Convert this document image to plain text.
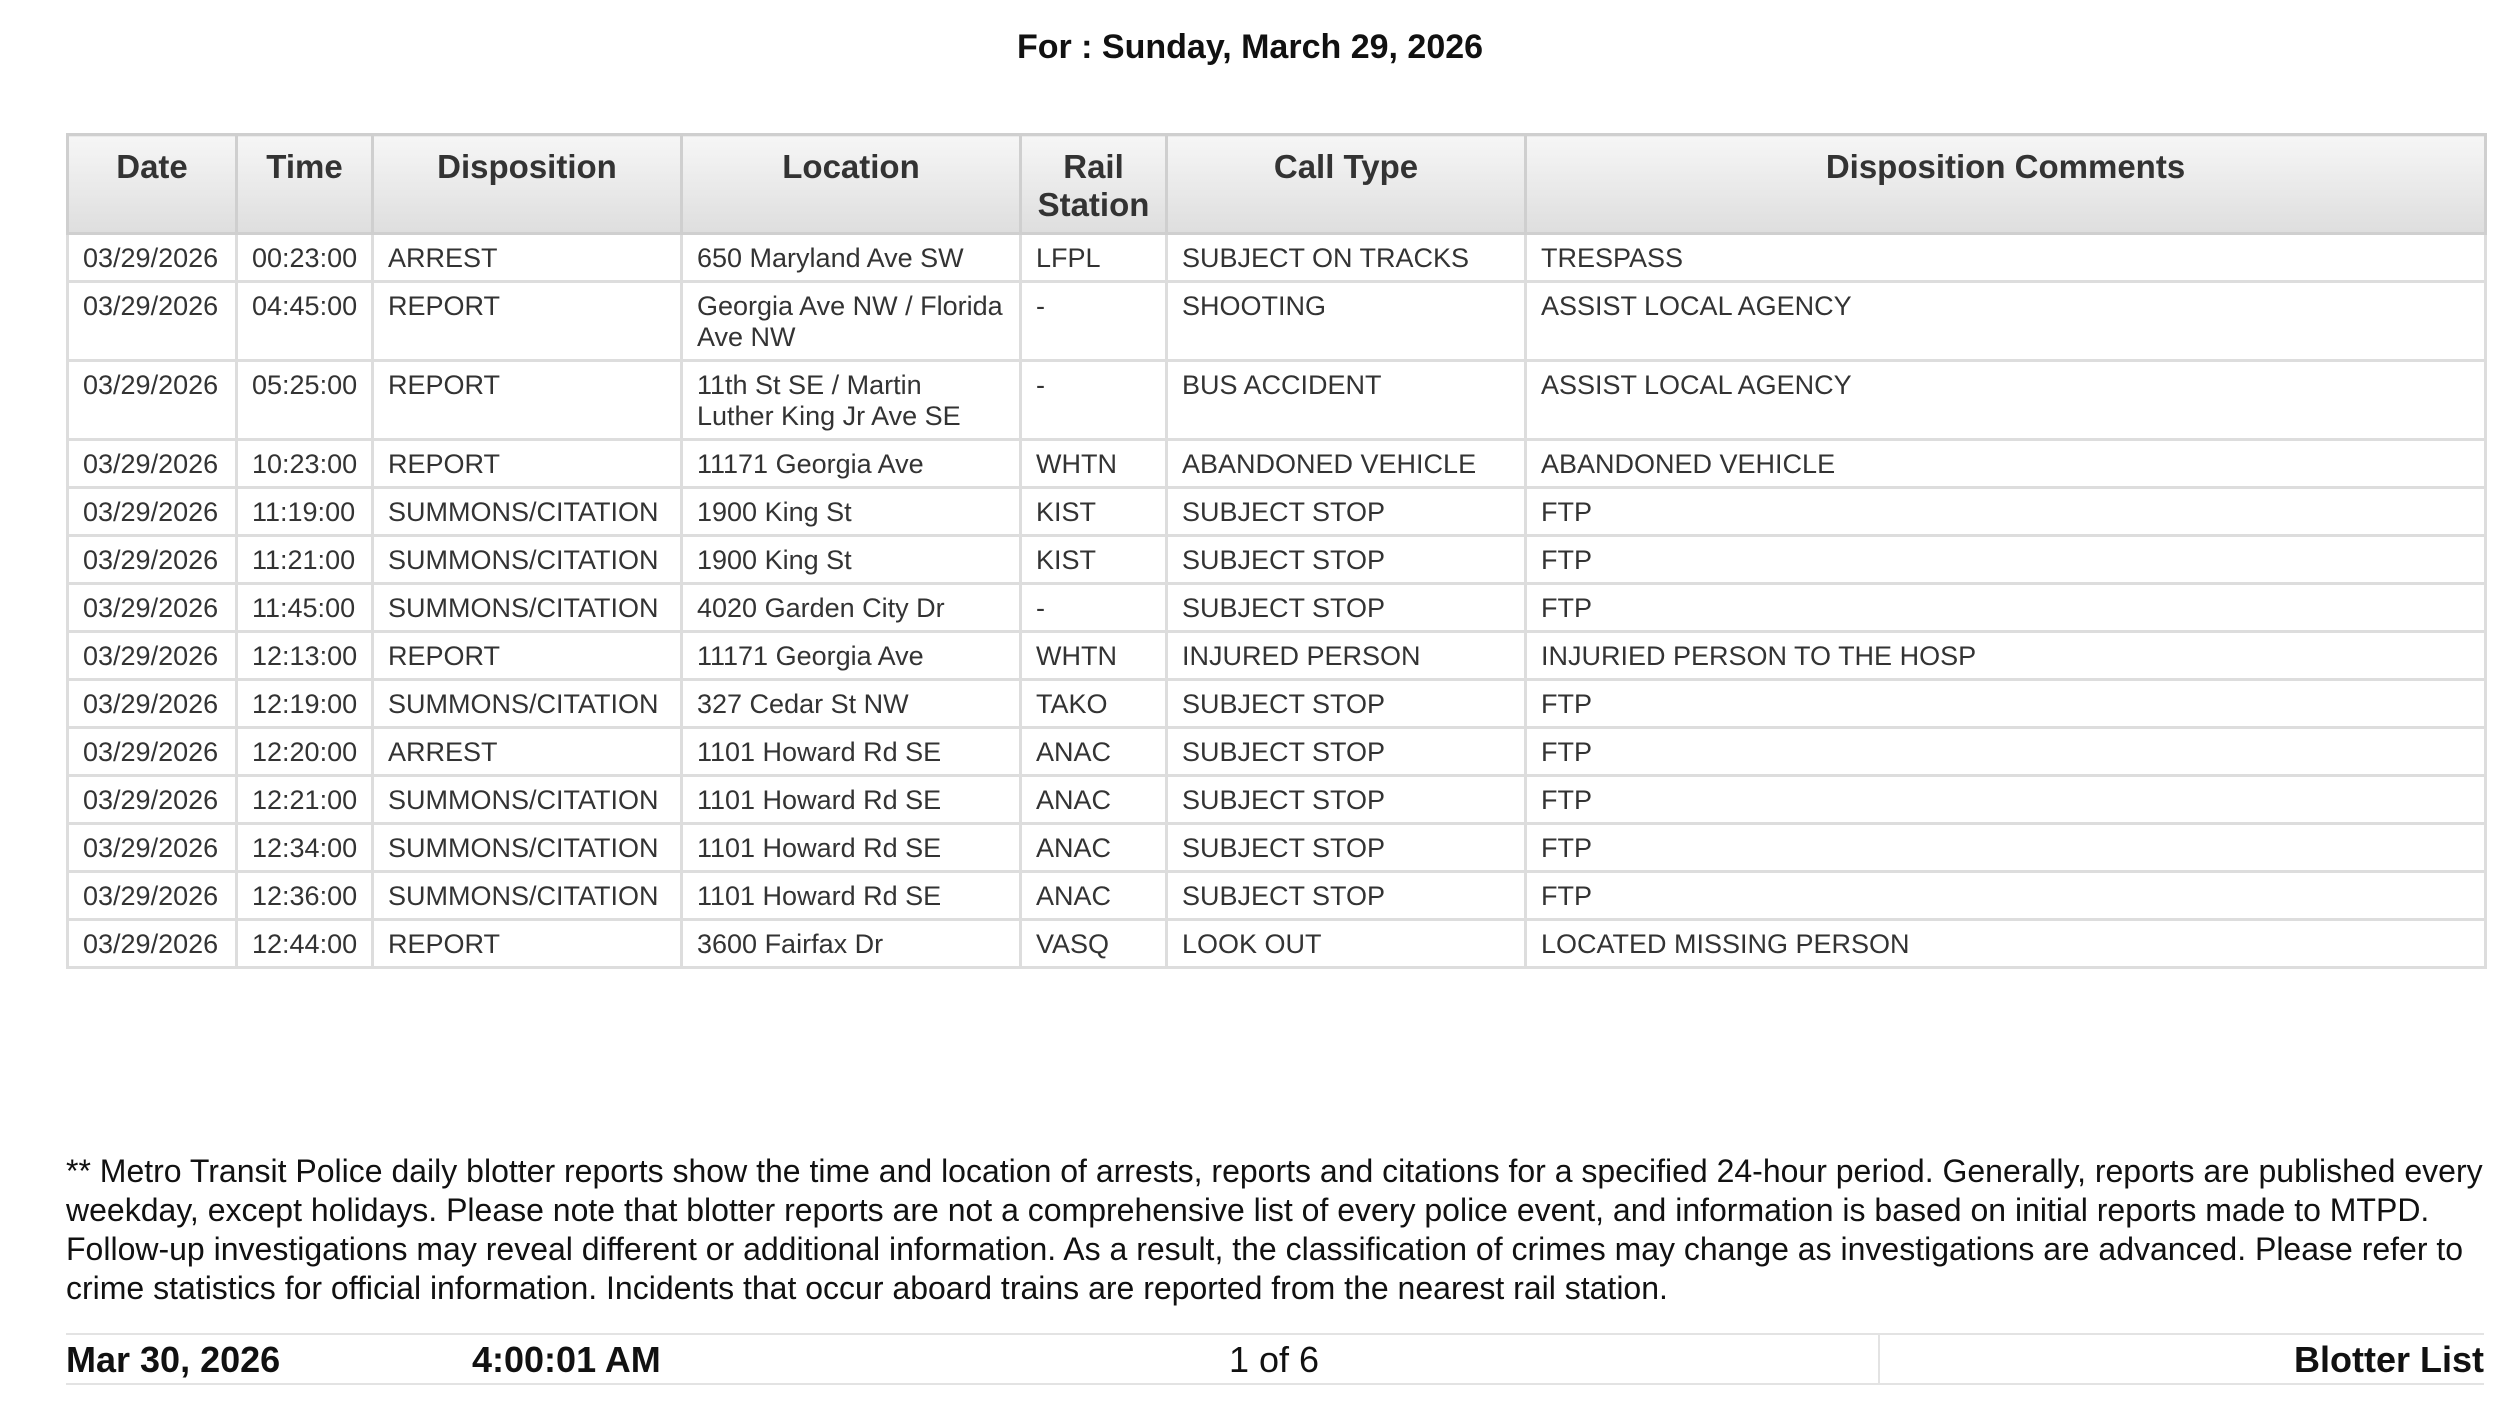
For : Sunday, March 29, 2026
Date	Time	Disposition	Location	Rail Station	Call Type	Disposition Comments
03/29/2026	00:23:00	ARREST	650 Maryland Ave SW	LFPL	SUBJECT ON TRACKS	TRESPASS
03/29/2026	04:45:00	REPORT	Georgia Ave NW / Florida Ave NW	-	SHOOTING	ASSIST LOCAL AGENCY
03/29/2026	05:25:00	REPORT	11th St SE / Martin Luther King Jr Ave SE	-	BUS ACCIDENT	ASSIST LOCAL AGENCY
03/29/2026	10:23:00	REPORT	11171 Georgia Ave	WHTN	ABANDONED VEHICLE	ABANDONED VEHICLE
03/29/2026	11:19:00	SUMMONS/CITATION	1900 King St	KIST	SUBJECT STOP	FTP
03/29/2026	11:21:00	SUMMONS/CITATION	1900 King St	KIST	SUBJECT STOP	FTP
03/29/2026	11:45:00	SUMMONS/CITATION	4020 Garden City Dr	-	SUBJECT STOP	FTP
03/29/2026	12:13:00	REPORT	11171 Georgia Ave	WHTN	INJURED PERSON	INJURIED PERSON TO THE HOSP
03/29/2026	12:19:00	SUMMONS/CITATION	327 Cedar St NW	TAKO	SUBJECT STOP	FTP
03/29/2026	12:20:00	ARREST	1101 Howard Rd SE	ANAC	SUBJECT STOP	FTP
03/29/2026	12:21:00	SUMMONS/CITATION	1101 Howard Rd SE	ANAC	SUBJECT STOP	FTP
03/29/2026	12:34:00	SUMMONS/CITATION	1101 Howard Rd SE	ANAC	SUBJECT STOP	FTP
03/29/2026	12:36:00	SUMMONS/CITATION	1101 Howard Rd SE	ANAC	SUBJECT STOP	FTP
03/29/2026	12:44:00	REPORT	3600 Fairfax Dr	VASQ	LOOK OUT	LOCATED MISSING PERSON
** Metro Transit Police daily blotter reports show the time and location of arrests, reports and citations for a specified 24-hour period. Generally, reports are published every weekday, except holidays. Please note that blotter reports are not a comprehensive list of every police event, and information is based on initial reports made to MTPD. Follow-up investigations may reveal different or additional information. As a result, the classification of crimes may change as investigations are advanced. Please refer to crime statistics for official information. Incidents that occur aboard trains are reported from the nearest rail station.
Mar 30, 2026	4:00:01 AM	1 of 6	Blotter List
